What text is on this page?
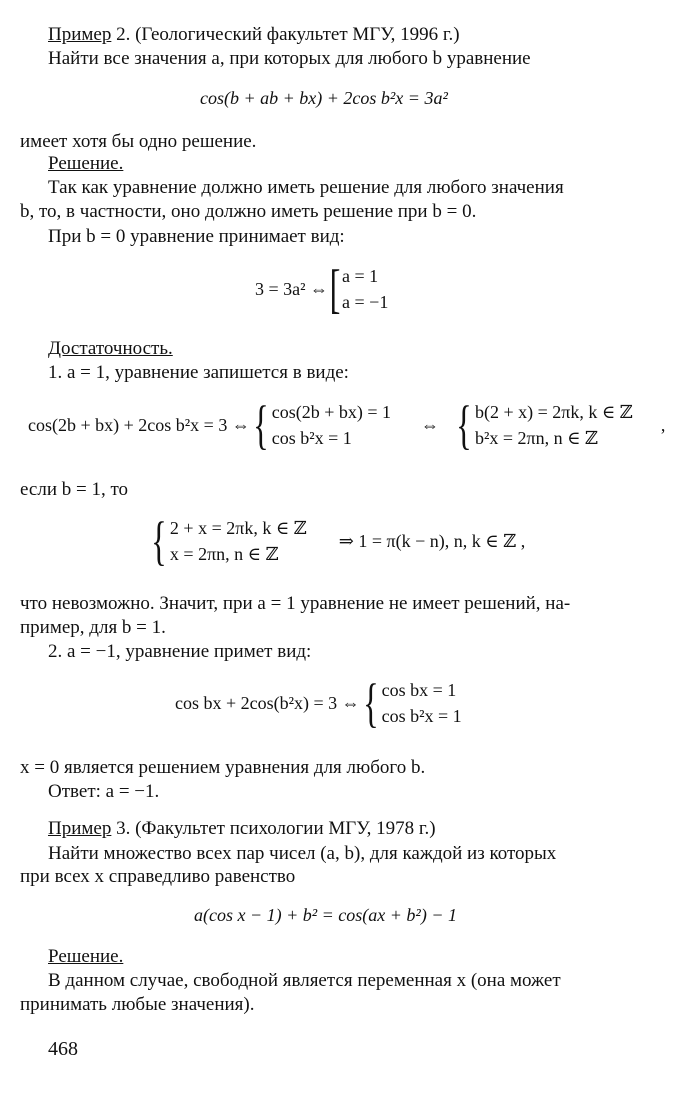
Пример 2. (Геологический факультет МГУ, 1996 г.)
Найти все значения a, при которых для любого b уравнение
cos(b + ab + bx) + 2cos b²x = 3a²
имеет хотя бы одно решение.
Решение.
Так как уравнение должно иметь решение для любого значения
b, то, в частности, оно должно иметь решение при b = 0.
При b = 0 уравнение принимает вид:
3 = 3a² ⇔ [ a = 1
a = −1
Достаточность.
1. a = 1, уравнение запишется в виде:
cos(2b + bx) + 2cos b²x = 3 ⇔ { cos(2b + bx) = 1
cos b²x = 1
⇔ { b(2 + x) = 2πk, k ∈ ℤ
b²x = 2πn, n ∈ ℤ
,
если b = 1, то
{ 2 + x = 2πk, k ∈ ℤ
x = 2πn, n ∈ ℤ
⇒ 1 = π(k − n), n, k ∈ ℤ ,
что невозможно. Значит, при a = 1 уравнение не имеет решений, на-
пример, для b = 1.
2. a = −1, уравнение примет вид:
cos bx + 2cos(b²x) = 3 ⇔ { cos bx = 1
cos b²x = 1
x = 0 является решением уравнения для любого b.
Ответ: a = −1.
Пример 3. (Факультет психологии МГУ, 1978 г.)
Найти множество всех пар чисел (a, b), для каждой из которых
при всех x справедливо равенство
a(cos x − 1) + b² = cos(ax + b²) − 1
Решение.
В данном случае, свободной является переменная x (она может
принимать любые значения).
468
